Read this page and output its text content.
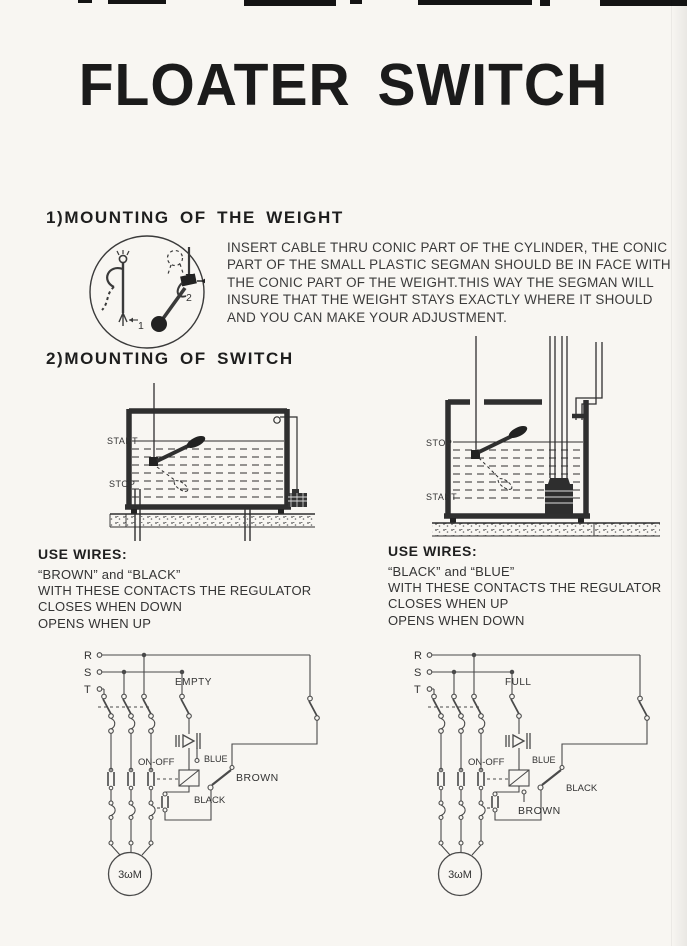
FLOATER SWITCH
1)MOUNTING OF THE WEIGHT
1
2
INSERT CABLE THRU CONIC PART OF THE CYLINDER, THE CONIC
PART OF THE SMALL PLASTIC SEGMAN SHOULD BE IN FACE WITH
THE CONIC PART OF THE WEIGHT.THIS WAY THE SEGMAN WILL
INSURE THAT THE WEIGHT STAYS EXACTLY WHERE IT SHOULD
AND YOU CAN MAKE YOUR ADJUSTMENT.
2)MOUNTING OF SWITCH
START
STOP
STOP
START
USE WIRES:
“BROWN” and “BLACK”
WITH THESE CONTACTS THE REGULATOR
CLOSES WHEN DOWN
OPENS WHEN UP
USE WIRES:
“BLACK” and “BLUE”
WITH THESE CONTACTS THE REGULATOR
CLOSES WHEN UP
OPENS WHEN DOWN
R
S
T
EMPTY
ON-OFF	BLUE
BROWN
BLACK
3ωM
R
S
T
FULL
ON-OFF	BLUE
BLACK
BROWN
3ωM
